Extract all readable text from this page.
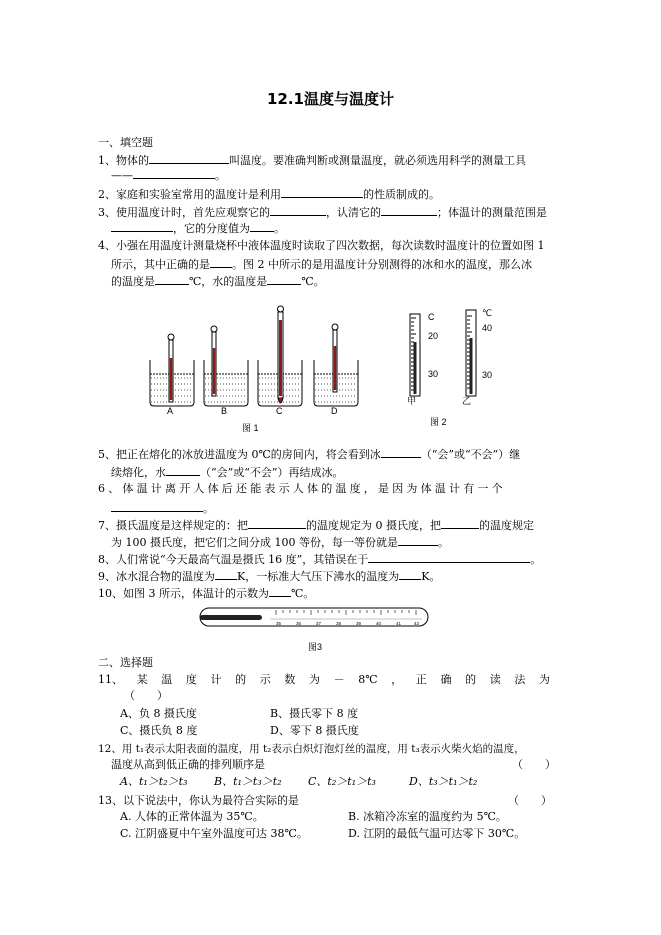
12.1温度与温度计
一、填空题
1、物体的	叫温度。要准确判断或测量温度，就必须选用科学的测量工具
——	。
2、家庭和实验室常用的温度计是利用	的性质制成的。
3、使用温度计时，首先应观察它的	，认清它的	；体温计的测量范围是
，它的分度值为 。
4、小强在用温度计测量烧杯中液体温度时读取了四次数据，每次读数时温度计的位置如图 1
所示，其中正确的是 。图 2 中所示的是用温度计分别测得的冰和水的温度，那么冰
的温度是	℃，水的温度是	℃。
A	B	C	D
图 1
C
20
30
甲
℃
40
30
乙
图 2
5、把正在熔化的冰放进温度为 0℃的房间内，将会看到冰	（“会”或“不会”）继
续熔化，水	（“会”或“不会”）再结成冰。
6、体温计离开人体后还能表示人体的温度，是因为体温计有一个
。
7、摄氏温度是这样规定的：把	的温度规定为 0 摄氏度，把	的温度规定
为 100 摄氏度，把它们之间分成 100 等份，每一等份就是	。
8、人们常说“今天最高气温是摄氏 16 度”，其错误在于	。
9、冰水混合物的温度为 K，一标准大气压下沸水的温度为 K。
10、如图 3 所示，体温计的示数为 ℃。
35	36	37	38	39	40	41	42
图3
二、选择题
11、 某 温 度 计 的 示 数 为 － 8℃ ， 正 确 的 读 法 为
（　　）
A、负 8 摄氏度	B、摄氏零下 8 度
C、摄氏负 8 度	D、零下 8 摄氏度
12、用 t₁表示太阳表面的温度，用 t₂表示白炽灯泡灯丝的温度，用 t₃表示火柴火焰的温度，
温度从高到低正确的排列顺序是	（　　）
A、t₁＞t₂＞t₃ B、t₁＞t₃＞t₂ C、t₂＞t₁＞t₃	D、t₃＞t₁＞t₂
13、以下说法中，你认为最符合实际的是	（　　）
A. 人体的正常体温为 35℃。	B. 冰箱冷冻室的温度约为 5℃。
C. 江阴盛夏中午室外温度可达 38℃。	D. 江阴的最低气温可达零下 30℃。
